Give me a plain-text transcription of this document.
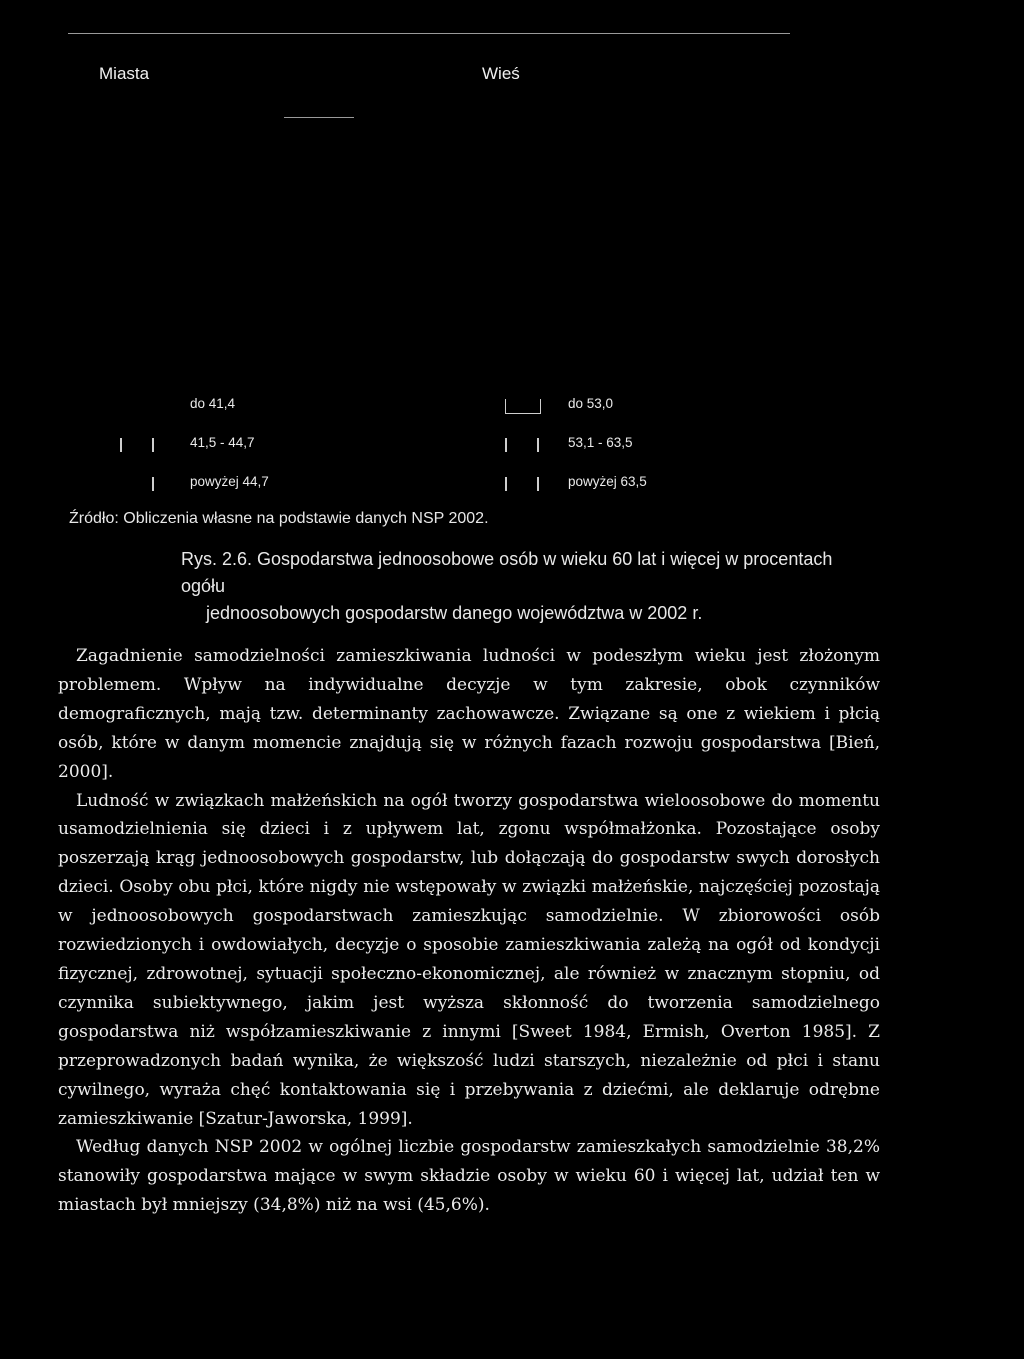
Miasta	Wieś
do 41,4
41,5 - 44,7
powyżej 44,7
do 53,0
53,1 - 63,5
powyżej 63,5
Źródło: Obliczenia własne na podstawie danych NSP 2002.
Rys. 2.6. Gospodarstwa jednoosobowe osób w wieku 60 lat i więcej w procentach ogółu
jednoosobowych gospodarstw danego województwa w 2002 r.

Zagadnienie samodzielności zamieszkiwania ludności w podeszłym wieku jest złożonym problemem. Wpływ na indywidualne decyzje w tym zakresie, obok czynników demograficznych, mają tzw. determinanty zachowawcze. Związane są one z wiekiem i płcią osób, które w danym momencie znajdują się w różnych fazach rozwoju gospodarstwa [Bień, 2000].

Ludność w związkach małżeńskich na ogół tworzy gospodarstwa wieloosobowe do momentu usamodzielnienia się dzieci i z upływem lat, zgonu współmałżonka. Pozostające osoby poszerzają krąg jednoosobowych gospodarstw, lub dołączają do gospodarstw swych dorosłych dzieci. Osoby obu płci, które nigdy nie wstępowały w związki małżeńskie, najczęściej pozostają w jednoosobowych gospodarstwach zamieszkując samodzielnie. W zbiorowości osób rozwiedzionych i owdowiałych, decyzje o sposobie zamieszkiwania zależą na ogół od kondycji fizycznej, zdrowotnej, sytuacji społeczno-ekonomicznej, ale również w znacznym stopniu, od czynnika subiektywnego, jakim jest wyższa skłonność do tworzenia samodzielnego gospodarstwa niż współzamieszkiwanie z innymi [Sweet 1984, Ermish, Overton 1985]. Z przeprowadzonych badań wynika, że większość ludzi starszych, niezależnie od płci i stanu cywilnego, wyraża chęć kontaktowania się i przebywania z dziećmi, ale deklaruje odrębne zamieszkiwanie [Szatur-Jaworska, 1999].

Według danych NSP 2002 w ogólnej liczbie gospodarstw zamieszkałych samodzielnie 38,2% stanowiły gospodarstwa mające w swym składzie osoby w wieku 60 i więcej lat, udział ten w miastach był mniejszy (34,8%) niż na wsi (45,6%).
